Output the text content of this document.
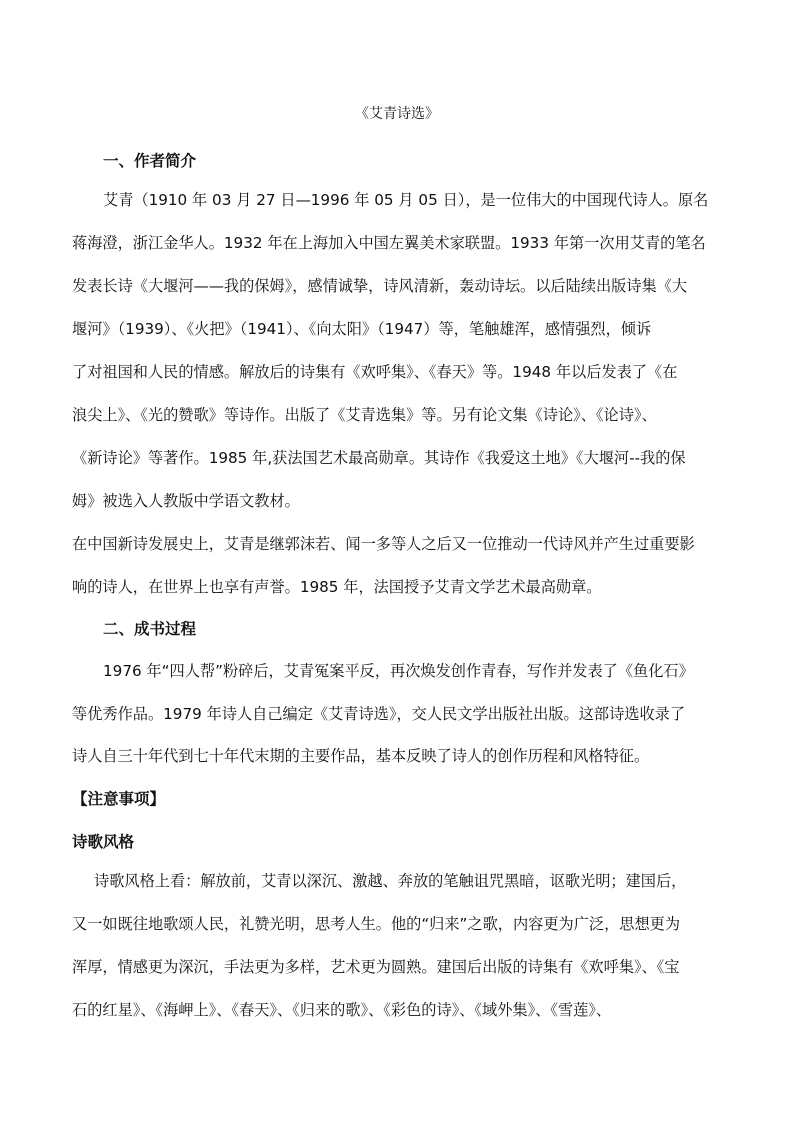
《艾青诗选》
一、作者简介
艾青（1910 年 03 月 27 日—1996 年 05 月 05 日），是一位伟大的中国现代诗人。原名
蒋海澄，浙江金华人。1932 年在上海加入中国左翼美术家联盟。1933 年第一次用艾青的笔名
发表长诗《大堰河——我的保姆》，感情诚挚，诗风清新，轰动诗坛。以后陆续出版诗集《大
堰河》（1939）、《火把》（1941）、《向太阳》（1947）等，笔触雄浑，感情强烈，倾诉
了对祖国和人民的情感。解放后的诗集有《欢呼集》、《春天》等。1948 年以后发表了《在
浪尖上》、《光的赞歌》等诗作。出版了《艾青选集》等。另有论文集《诗论》、《论诗》、
《新诗论》等著作。1985 年,获法国艺术最高勋章。其诗作《我爱这土地》《大堰河--我的保
姆》被选入人教版中学语文教材。
在中国新诗发展史上，艾青是继郭沫若、闻一多等人之后又一位推动一代诗风并产生过重要影
响的诗人，在世界上也享有声誉。1985 年，法国授予艾青文学艺术最高勋章。
二、成书过程
1976 年“四人帮”粉碎后，艾青冤案平反，再次焕发创作青春，写作并发表了《鱼化石》
等优秀作品。1979 年诗人自己编定《艾青诗选》，交人民文学出版社出版。这部诗选收录了
诗人自三十年代到七十年代末期的主要作品，基本反映了诗人的创作历程和风格特征。
【注意事项】
诗歌风格
诗歌风格上看：解放前，艾青以深沉、激越、奔放的笔触诅咒黑暗，讴歌光明；建国后，
又一如既往地歌颂人民，礼赞光明，思考人生。他的“归来”之歌，内容更为广泛，思想更为
浑厚，情感更为深沉，手法更为多样，艺术更为圆熟。建国后出版的诗集有《欢呼集》、《宝
石的红星》、《海岬上》、《春天》、《归来的歌》、《彩色的诗》、《域外集》、《雪莲》、
